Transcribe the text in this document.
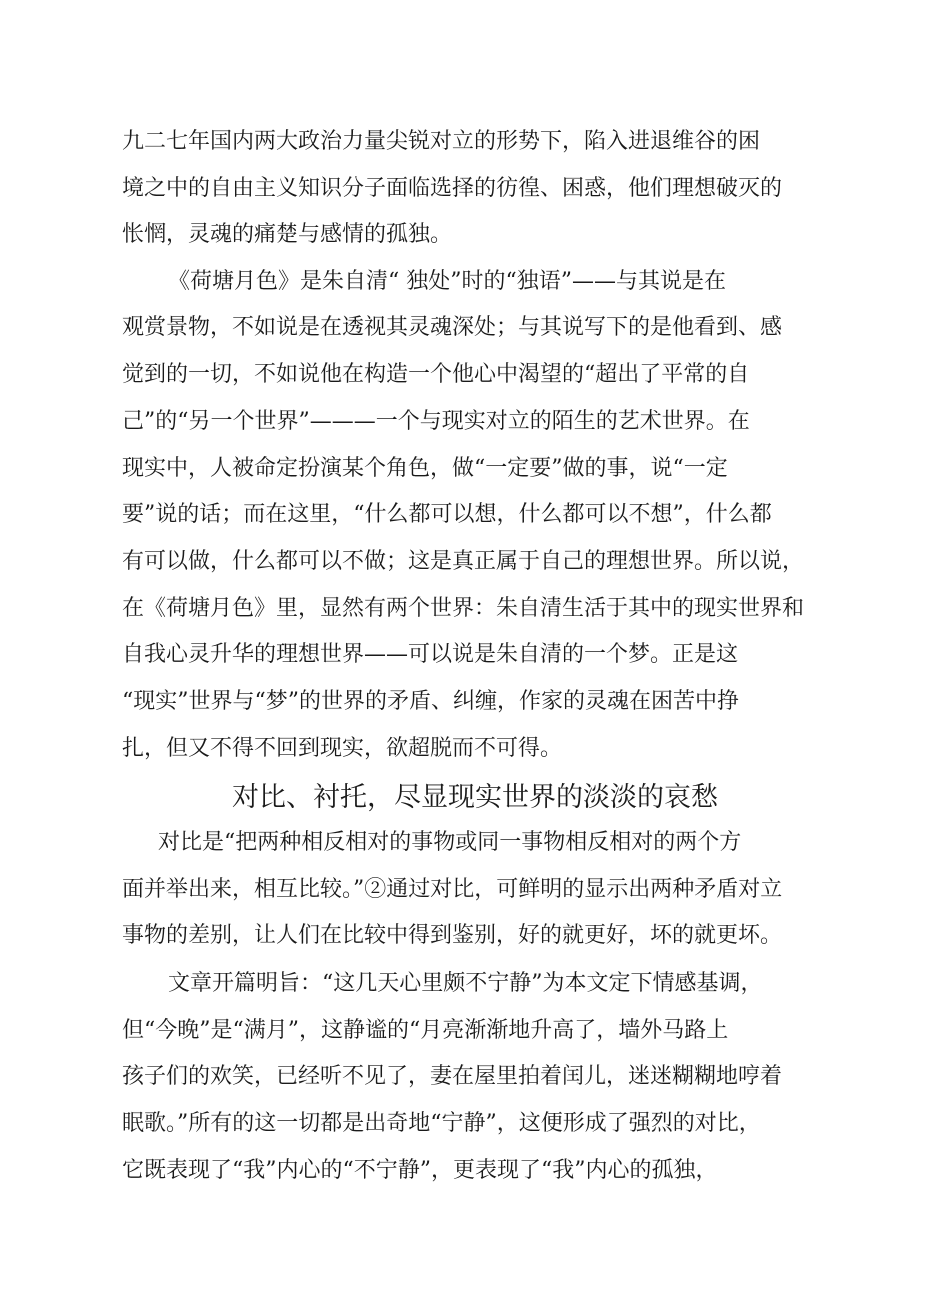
九二七年国内两大政治力量尖锐对立的形势下，陷入进退维谷的困
境之中的自由主义知识分子面临选择的彷徨、困惑，他们理想破灭的
怅惘，灵魂的痛楚与感情的孤独。
《荷塘月色》是朱自清“ 独处”时的“独语”——与其说是在
观赏景物，不如说是在透视其灵魂深处；与其说写下的是他看到、感
觉到的一切，不如说他在构造一个他心中渴望的“超出了平常的自
己”的“另一个世界”———一个与现实对立的陌生的艺术世界。在
现实中，人被命定扮演某个角色，做“一定要”做的事，说“一定
要”说的话；而在这里，“什么都可以想，什么都可以不想”，什么都
有可以做，什么都可以不做；这是真正属于自己的理想世界。所以说，
在《荷塘月色》里，显然有两个世界：朱自清生活于其中的现实世界和
自我心灵升华的理想世界——可以说是朱自清的一个梦。正是这
“现实”世界与“梦”的世界的矛盾、纠缠，作家的灵魂在困苦中挣
扎，但又不得不回到现实，欲超脱而不可得。
对比、衬托，尽显现实世界的淡淡的哀愁
对比是“把两种相反相对的事物或同一事物相反相对的两个方
面并举出来，相互比较。”②通过对比，可鲜明的显示出两种矛盾对立
事物的差别，让人们在比较中得到鉴别，好的就更好，坏的就更坏。
文章开篇明旨：“这几天心里颇不宁静”为本文定下情感基调，
但“今晚”是“满月”，这静谧的“月亮渐渐地升高了，墙外马路上
孩子们的欢笑，已经听不见了，妻在屋里拍着闰儿，迷迷糊糊地哼着
眠歌。”所有的这一切都是出奇地“宁静”，这便形成了强烈的对比，
它既表现了“我”内心的“不宁静”，更表现了“我”内心的孤独，
